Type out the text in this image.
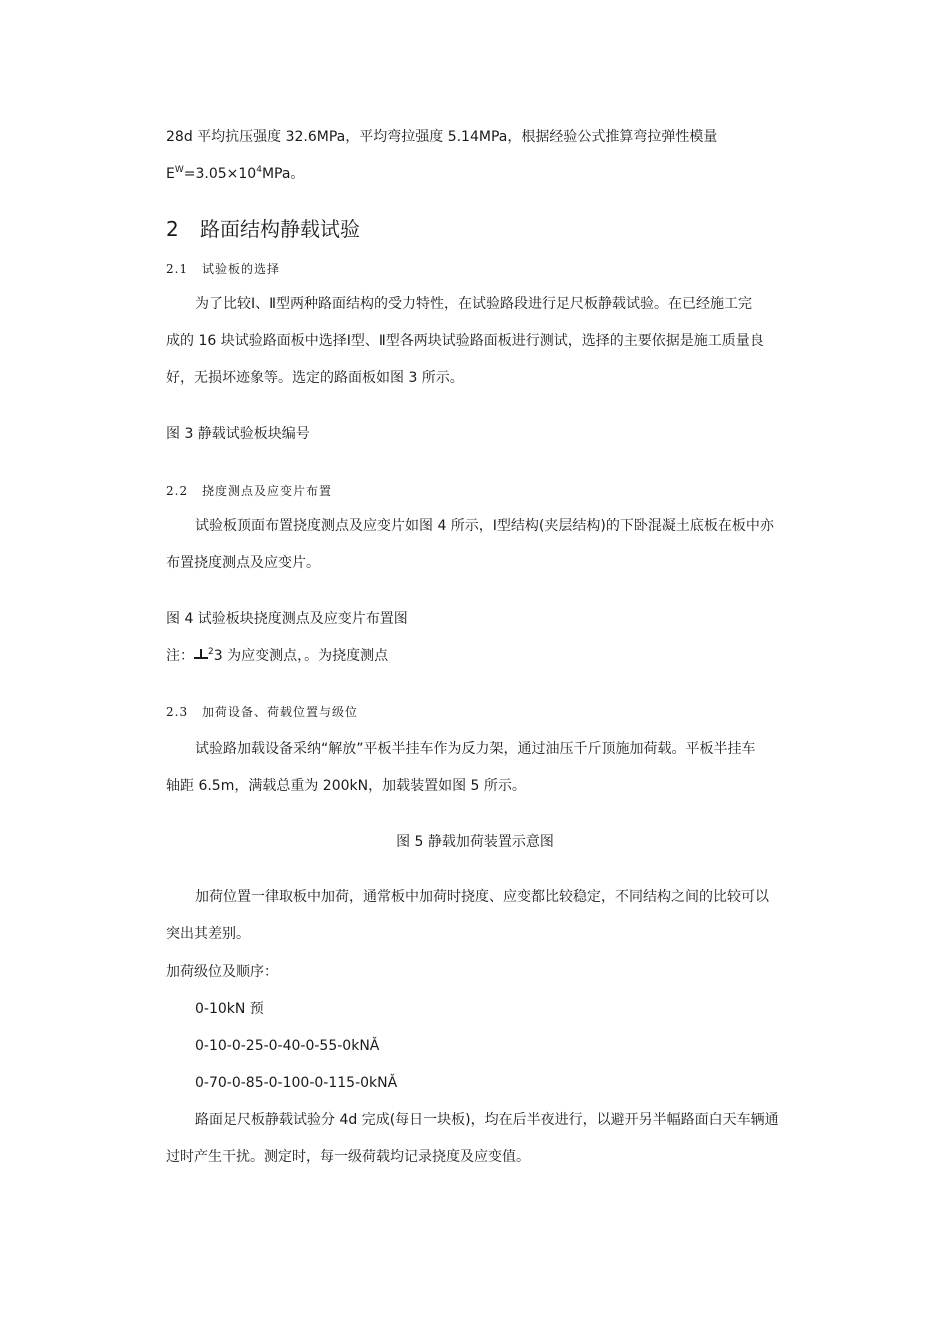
28d 平均抗压强度 32.6MPa，平均弯拉强度 5.14MPa，根据经验公式推算弯拉弹性模量
$E^W=3.05\times 10^4MPa$。
2 路面结构静载试验
2.1 试验板的选择
为了比较Ⅰ、Ⅱ型两种路面结构的受力特性，在试验路段进行足尺板静载试验。在已经施工完
成的 16 块试验路面板中选择Ⅰ型、Ⅱ型各两块试验路面板进行测试，选择的主要依据是施工质量良
好，无损坏迹象等。选定的路面板如图 3 所示。
图 3 静载试验板块编号
2.2 挠度测点及应变片布置
试验板顶面布置挠度测点及应变片如图 4 所示，Ⅰ型结构(夹层结构)的下卧混凝土底板在板中亦
布置挠度测点及应变片。
图 4 试验板块挠度测点及应变片布置图
注： $^2$3 为应变测点，。为挠度测点
2.3 加荷设备、荷载位置与级位
试验路加载设备采纳“解放”平板半挂车作为反力架，通过油压千斤顶施加荷载。平板半挂车
轴距 6.5m，满载总重为 200kN，加载装置如图 5 所示。
图 5 静载加荷装置示意图
加荷位置一律取板中加荷，通常板中加荷时挠度、应变都比较稳定，不同结构之间的比较可以
突出其差别。
加荷级位及顺序：
0-10kN 预
0-10-0-25-0-40-0-55-0kNǍ
0-70-0-85-0-100-0-115-0kNǍ
路面足尺板静载试验分 4d 完成(每日一块板)，均在后半夜进行，以避开另半幅路面白天车辆通
过时产生干扰。测定时，每一级荷载均记录挠度及应变值。
